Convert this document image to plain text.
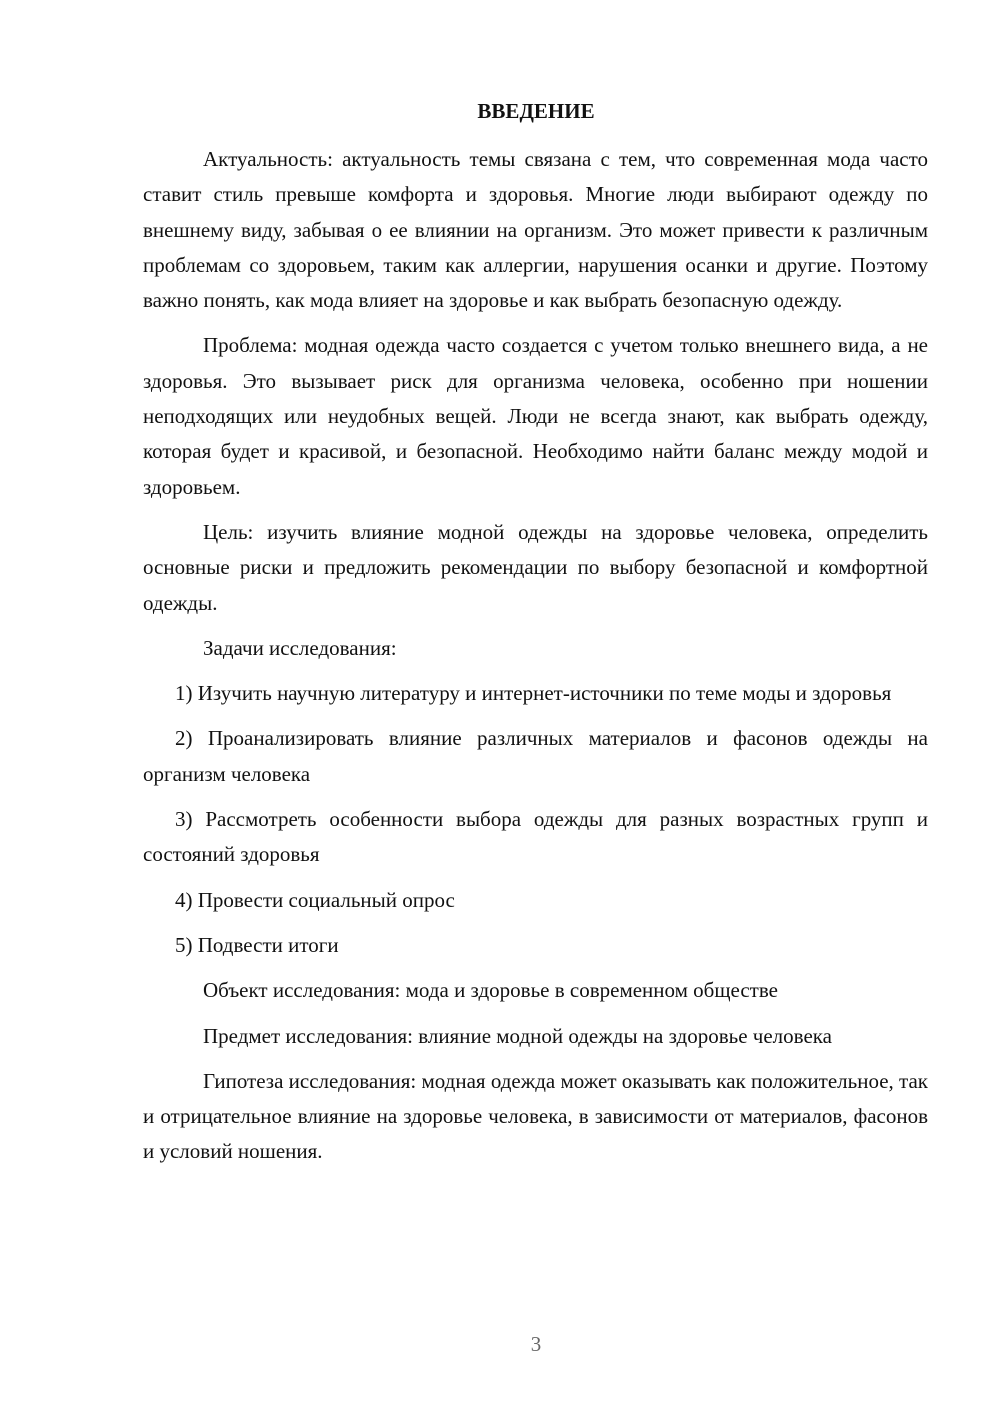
ВВЕДЕНИЕ

Актуальность: актуальность темы связана с тем, что современная мода часто ставит стиль превыше комфорта и здоровья. Многие люди выбирают одежду по внешнему виду, забывая о ее влиянии на организм. Это может привести к различным проблемам со здоровьем, таким как аллергии, нарушения осанки и другие. Поэтому важно понять, как мода влияет на здоровье и как выбрать безопасную одежду.

Проблема: модная одежда часто создается с учетом только внешнего вида, а не здоровья. Это вызывает риск для организма человека, особенно при ношении неподходящих или неудобных вещей. Люди не всегда знают, как выбрать одежду, которая будет и красивой, и безопасной. Необходимо найти баланс между модой и здоровьем.

Цель: изучить влияние модной одежды на здоровье человека, определить основные риски и предложить рекомендации по выбору безопасной и комфортной одежды.

Задачи исследования:

1) Изучить научную литературу и интернет-источники по теме моды и здоровья

2) Проанализировать влияние различных материалов и фасонов одежды на организм человека

3) Рассмотреть особенности выбора одежды для разных возрастных групп и состояний здоровья

4) Провести социальный опрос

5) Подвести итоги

Объект исследования: мода и здоровье в современном обществе

Предмет исследования: влияние модной одежды на здоровье человека

Гипотеза исследования: модная одежда может оказывать как положительное, так и отрицательное влияние на здоровье человека, в зависимости от материалов, фасонов и условий ношения.

3
